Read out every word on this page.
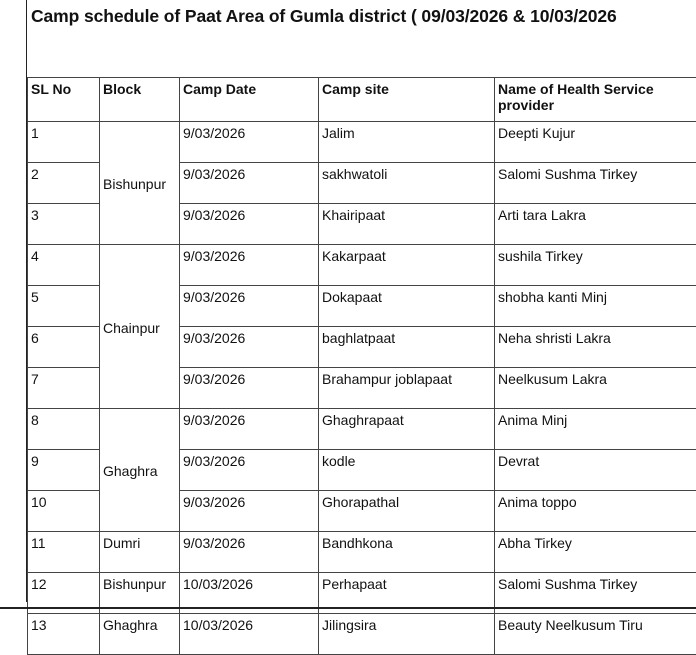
Camp schedule of Paat Area of Gumla district ( 09/03/2026 & 10/03/2026
SL No	Block	Camp Date	Camp site	Name of Health Service provider
1	Bishunpur	9/03/2026	Jalim	Deepti Kujur
2		9/03/2026	sakhwatoli	Salomi Sushma Tirkey
3		9/03/2026	Khairipaat	Arti tara Lakra
4	Chainpur	9/03/2026	Kakarpaat	sushila Tirkey
5		9/03/2026	Dokapaat	shobha kanti Minj
6		9/03/2026	baghlatpaat	Neha shristi Lakra
7		9/03/2026	Brahampur joblapaat	Neelkusum Lakra
8	Ghaghra	9/03/2026	Ghaghrapaat	Anima Minj
9		9/03/2026	kodle	Devrat
10		9/03/2026	Ghorapathal	Anima toppo
11	Dumri	9/03/2026	Bandhkona	Abha Tirkey
12	Bishunpur	10/03/2026	Perhapaat	Salomi Sushma Tirkey
13	Ghaghra	10/03/2026	Jilingsira	Beauty Neelkusum Tiru
